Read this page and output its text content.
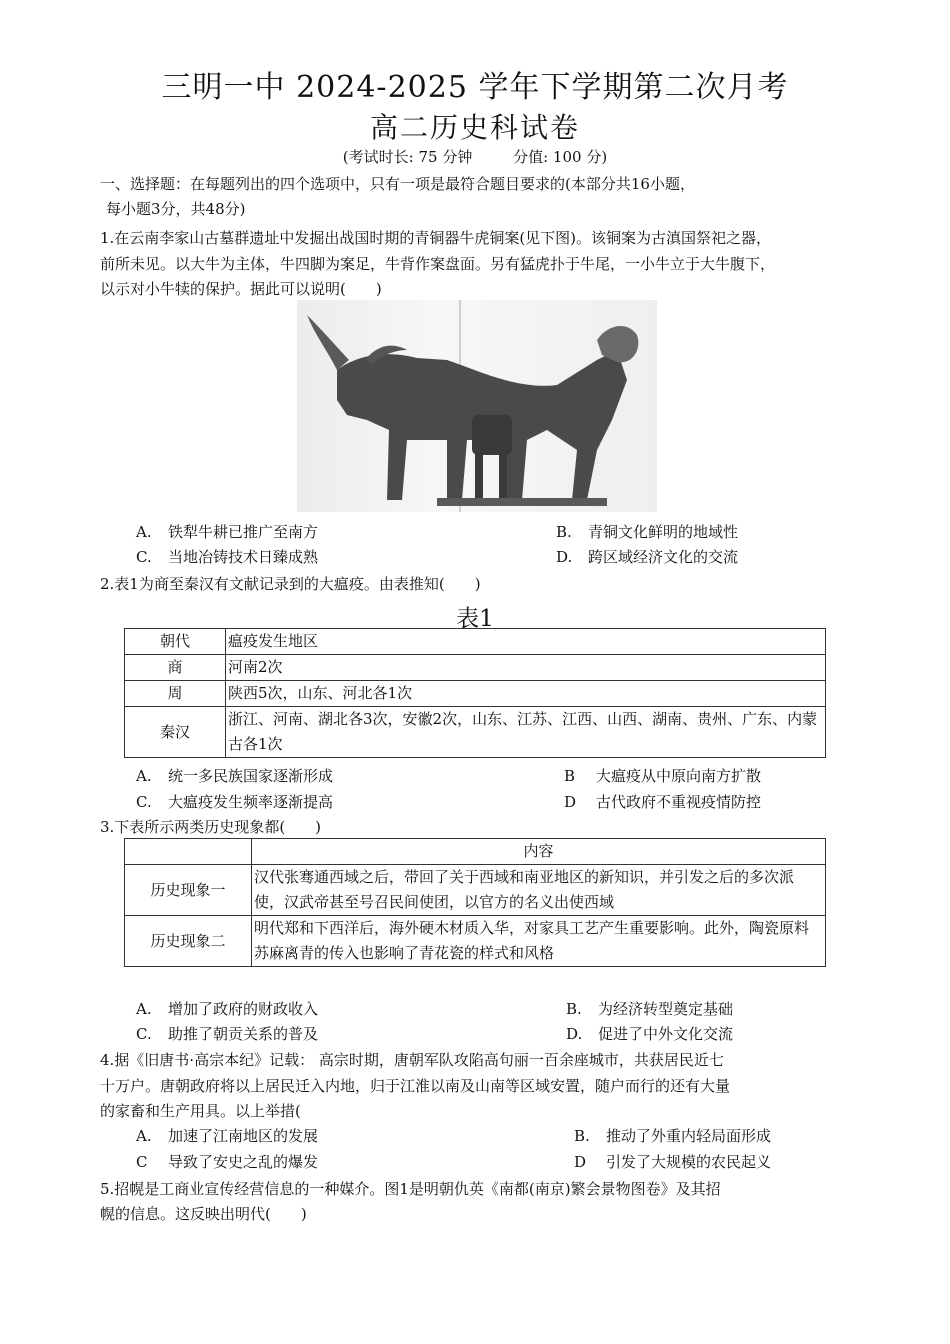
三明一中 2024-2025 学年下学期第二次月考
高二历史科试卷
(考试时长: 75 分钟	分值: 100 分)
一、选择题：在每题列出的四个选项中，只有一项是最符合题目要求的(本部分共16小题，
每小题3分，共48分)
1.在云南李家山古墓群遗址中发掘出战国时期的青铜器牛虎铜案(见下图)。该铜案为古滇国祭祀之器，
前所未见。以大牛为主体，牛四脚为案足，牛背作案盘面。另有猛虎扑于牛尾，一小牛立于大牛腹下，
以示对小牛犊的保护。据此可以说明(　　)
A. 铁犁牛耕已推广至南方	B. 青铜文化鲜明的地域性
C. 当地冶铸技术日臻成熟	D. 跨区域经济文化的交流
2.表1为商至秦汉有文献记录到的大瘟疫。由表推知(　　)
表1
朝代	瘟疫发生地区
商	河南2次
周	陕西5次，山东、河北各1次
秦汉	浙江、河南、湖北各3次，安徽2次，山东、江苏、江西、山西、湖南、贵州、广东、内蒙古各1次
A. 统一多民族国家逐渐形成	B 大瘟疫从中原向南方扩散
C. 大瘟疫发生频率逐渐提高	D 古代政府不重视疫情防控
3.下表所示两类历史现象都(　　)
	内容
历史现象一	汉代张骞通西域之后，带回了关于西域和南亚地区的新知识，并引发之后的多次派使，汉武帝甚至号召民间使团，以官方的名义出使西域
历史现象二	明代郑和下西洋后，海外硬木材质入华，对家具工艺产生重要影响。此外，陶瓷原料苏麻离青的传入也影响了青花瓷的样式和风格
A. 增加了政府的财政收入	B. 为经济转型奠定基础
C. 助推了朝贡关系的普及	D. 促进了中外文化交流
4.据《旧唐书·高宗本纪》记载： 高宗时期，唐朝军队攻陷高句丽一百余座城市，共获居民近七
十万户。唐朝政府将以上居民迁入内地，归于江淮以南及山南等区域安置，随户而行的还有大量
的家畜和生产用具。以上举措(
A. 加速了江南地区的发展	B. 推动了外重内轻局面形成
C 导致了安史之乱的爆发	D 引发了大规模的农民起义
5.招幌是工商业宣传经营信息的一种媒介。图1是明朝仇英《南都(南京)繁会景物图卷》及其招
幌的信息。这反映出明代(　　)
